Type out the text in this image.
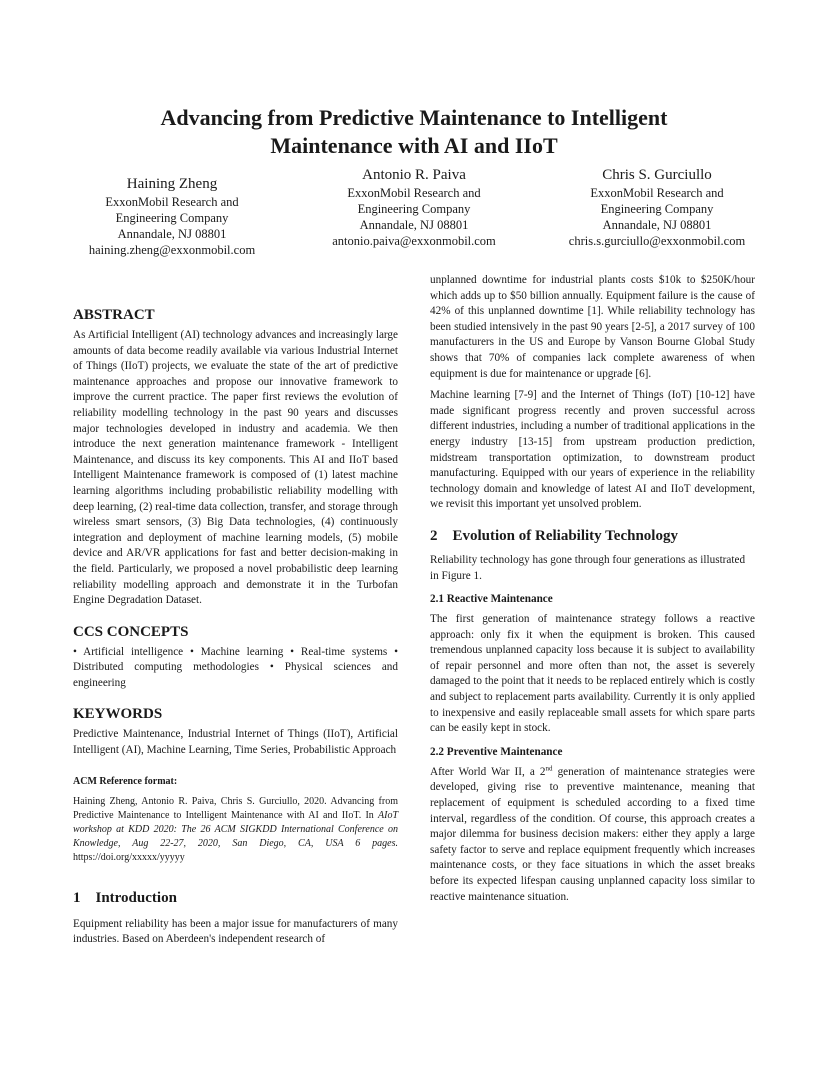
Advancing from Predictive Maintenance to Intelligent
Maintenance with AI and IIoT
Haining Zheng
ExxonMobil Research and
Engineering Company
Annandale, NJ 08801
haining.zheng@exxonmobil.com
Antonio R. Paiva
ExxonMobil Research and
Engineering Company
Annandale, NJ 08801
antonio.paiva@exxonmobil.com
Chris S. Gurciullo
ExxonMobil Research and
Engineering Company
Annandale, NJ 08801
chris.s.gurciullo@exxonmobil.com
ABSTRACT

As Artificial Intelligent (AI) technology advances and increasingly large amounts of data become readily available via various Industrial Internet of Things (IIoT) projects, we evaluate the state of the art of predictive maintenance approaches and propose our innovative framework to improve the current practice. The paper first reviews the evolution of reliability modelling technology in the past 90 years and discusses major technologies developed in industry and academia. We then introduce the next generation maintenance framework - Intelligent Maintenance, and discuss its key components. This AI and IIoT based Intelligent Maintenance framework is composed of (1) latest machine learning algorithms including probabilistic reliability modelling with deep learning, (2) real-time data collection, transfer, and storage through wireless smart sensors, (3) Big Data technologies, (4) continuously integration and deployment of machine learning models, (5) mobile device and AR/VR applications for fast and better decision-making in the field. Particularly, we proposed a novel probabilistic deep learning reliability modelling approach and demonstrate it in the Turbofan Engine Degradation Dataset.

CCS CONCEPTS

• Artificial intelligence • Machine learning • Real-time systems • Distributed computing methodologies • Physical sciences and engineering

KEYWORDS

Predictive Maintenance, Industrial Internet of Things (IIoT), Artificial Intelligent (AI), Machine Learning, Time Series, Probabilistic Approach

ACM Reference format:
Haining Zheng, Antonio R. Paiva, Chris S. Gurciullo, 2020. Advancing from Predictive Maintenance to Intelligent Maintenance with AI and IIoT. In AIoT workshop at KDD 2020: The 26 ACM SIGKDD International Conference on Knowledge, Aug 22-27, 2020, San Diego, CA, USA 6 pages. https://doi.org/xxxxx/yyyyy
1    Introduction

Equipment reliability has been a major issue for manufacturers of many industries. Based on Aberdeen's independent research of

unplanned downtime for industrial plants costs $10k to $250K/hour which adds up to $50 billion annually. Equipment failure is the cause of 42% of this unplanned downtime [1]. While reliability technology has been studied intensively in the past 90 years [2-5], a 2017 survey of 100 manufacturers in the US and Europe by Vanson Bourne Global Study shows that 70% of companies lack complete awareness of when equipment is due for maintenance or upgrade [6].

Machine learning [7-9] and the Internet of Things (IoT) [10-12] have made significant progress recently and proven successful across different industries, including a number of traditional applications in the energy industry [13-15] from upstream production prediction, midstream transportation optimization, to downstream product manufacturing. Equipped with our years of experience in the reliability technology domain and knowledge of latest AI and IIoT development, we revisit this important yet unsolved problem.

2    Evolution of Reliability Technology

Reliability technology has gone through four generations as illustrated in Figure 1.

2.1 Reactive Maintenance

The first generation of maintenance strategy follows a reactive approach: only fix it when the equipment is broken. This caused tremendous unplanned capacity loss because it is subject to availability of repair personnel and more often than not, the asset is severely damaged to the point that it needs to be replaced entirely which is costly and subject to replacement parts availability. Currently it is only applied to inexpensive and easily replaceable small assets for which spare parts can be easily kept in stock.

2.2 Preventive Maintenance

After World War II, a 2nd generation of maintenance strategies were developed, giving rise to preventive maintenance, meaning that replacement of equipment is scheduled according to a fixed time interval, regardless of the condition. Of course, this approach creates a major dilemma for business decision makers: either they apply a large safety factor to serve and replace equipment frequently which increases maintenance costs, or they face situations in which the asset breaks before its expected lifespan causing unplanned capacity loss similar to reactive maintenance situation.
